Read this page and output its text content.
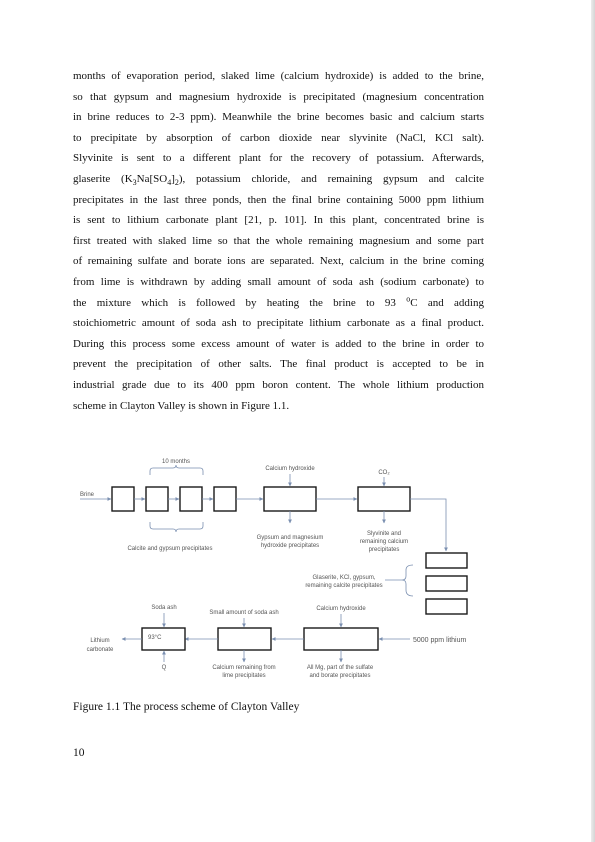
months of evaporation period, slaked lime (calcium hydroxide) is added to the brine,
so that gypsum and magnesium hydroxide is precipitated (magnesium concentration
in brine reduces to 2-3 ppm). Meanwhile the brine becomes basic and calcium starts
to precipitate by absorption of carbon dioxide near slyvinite (NaCl, KCl salt).
Slyvinite is sent to a different plant for the recovery of potassium. Afterwards,
glaserite $(K_3Na[SO_4]_2)$, potassium chloride, and remaining gypsum and calcite
precipitates in the last three ponds, then the final brine containing 5000 ppm lithium
is sent to lithium carbonate plant [21, p. 101]. In this plant, concentrated brine is
first treated with slaked lime so that the whole remaining magnesium and some part
of remaining sulfate and borate ions are separated. Next, calcium in the brine coming
from lime is withdrawn by adding small amount of soda ash (sodium carbonate) to
the mixture which is followed by heating the brine to 93 $^o$C and adding
stoichiometric amount of soda ash to precipitate lithium carbonate as a final product.
During this process some excess amount of water is added to the brine in order to
prevent the precipitation of other salts. The final product is accepted to be in
industrial grade due to its 400 ppm boron content. The whole lithium production
scheme in Clayton Valley is shown in Figure 1.1.
10 months
Brine
Calcite and gypsum precipitates
Calcium hydroxide
Gypsum and magnesium
hydroxide precipitates
CO₂
Slyvinite and
remaining calcium
precipitates
Glaserite, KCl, gypsum,
remaining calcite precipitates
5000 ppm lithium
Calcium hydroxide
All Mg, part of the sulfate
and borate precipitates
Small amount of soda ash
Calcium remaining from
lime precipitates
Soda ash
93°C
Q
Lithium
carbonate

Figure 1.1 The process scheme of Clayton Valley

10
